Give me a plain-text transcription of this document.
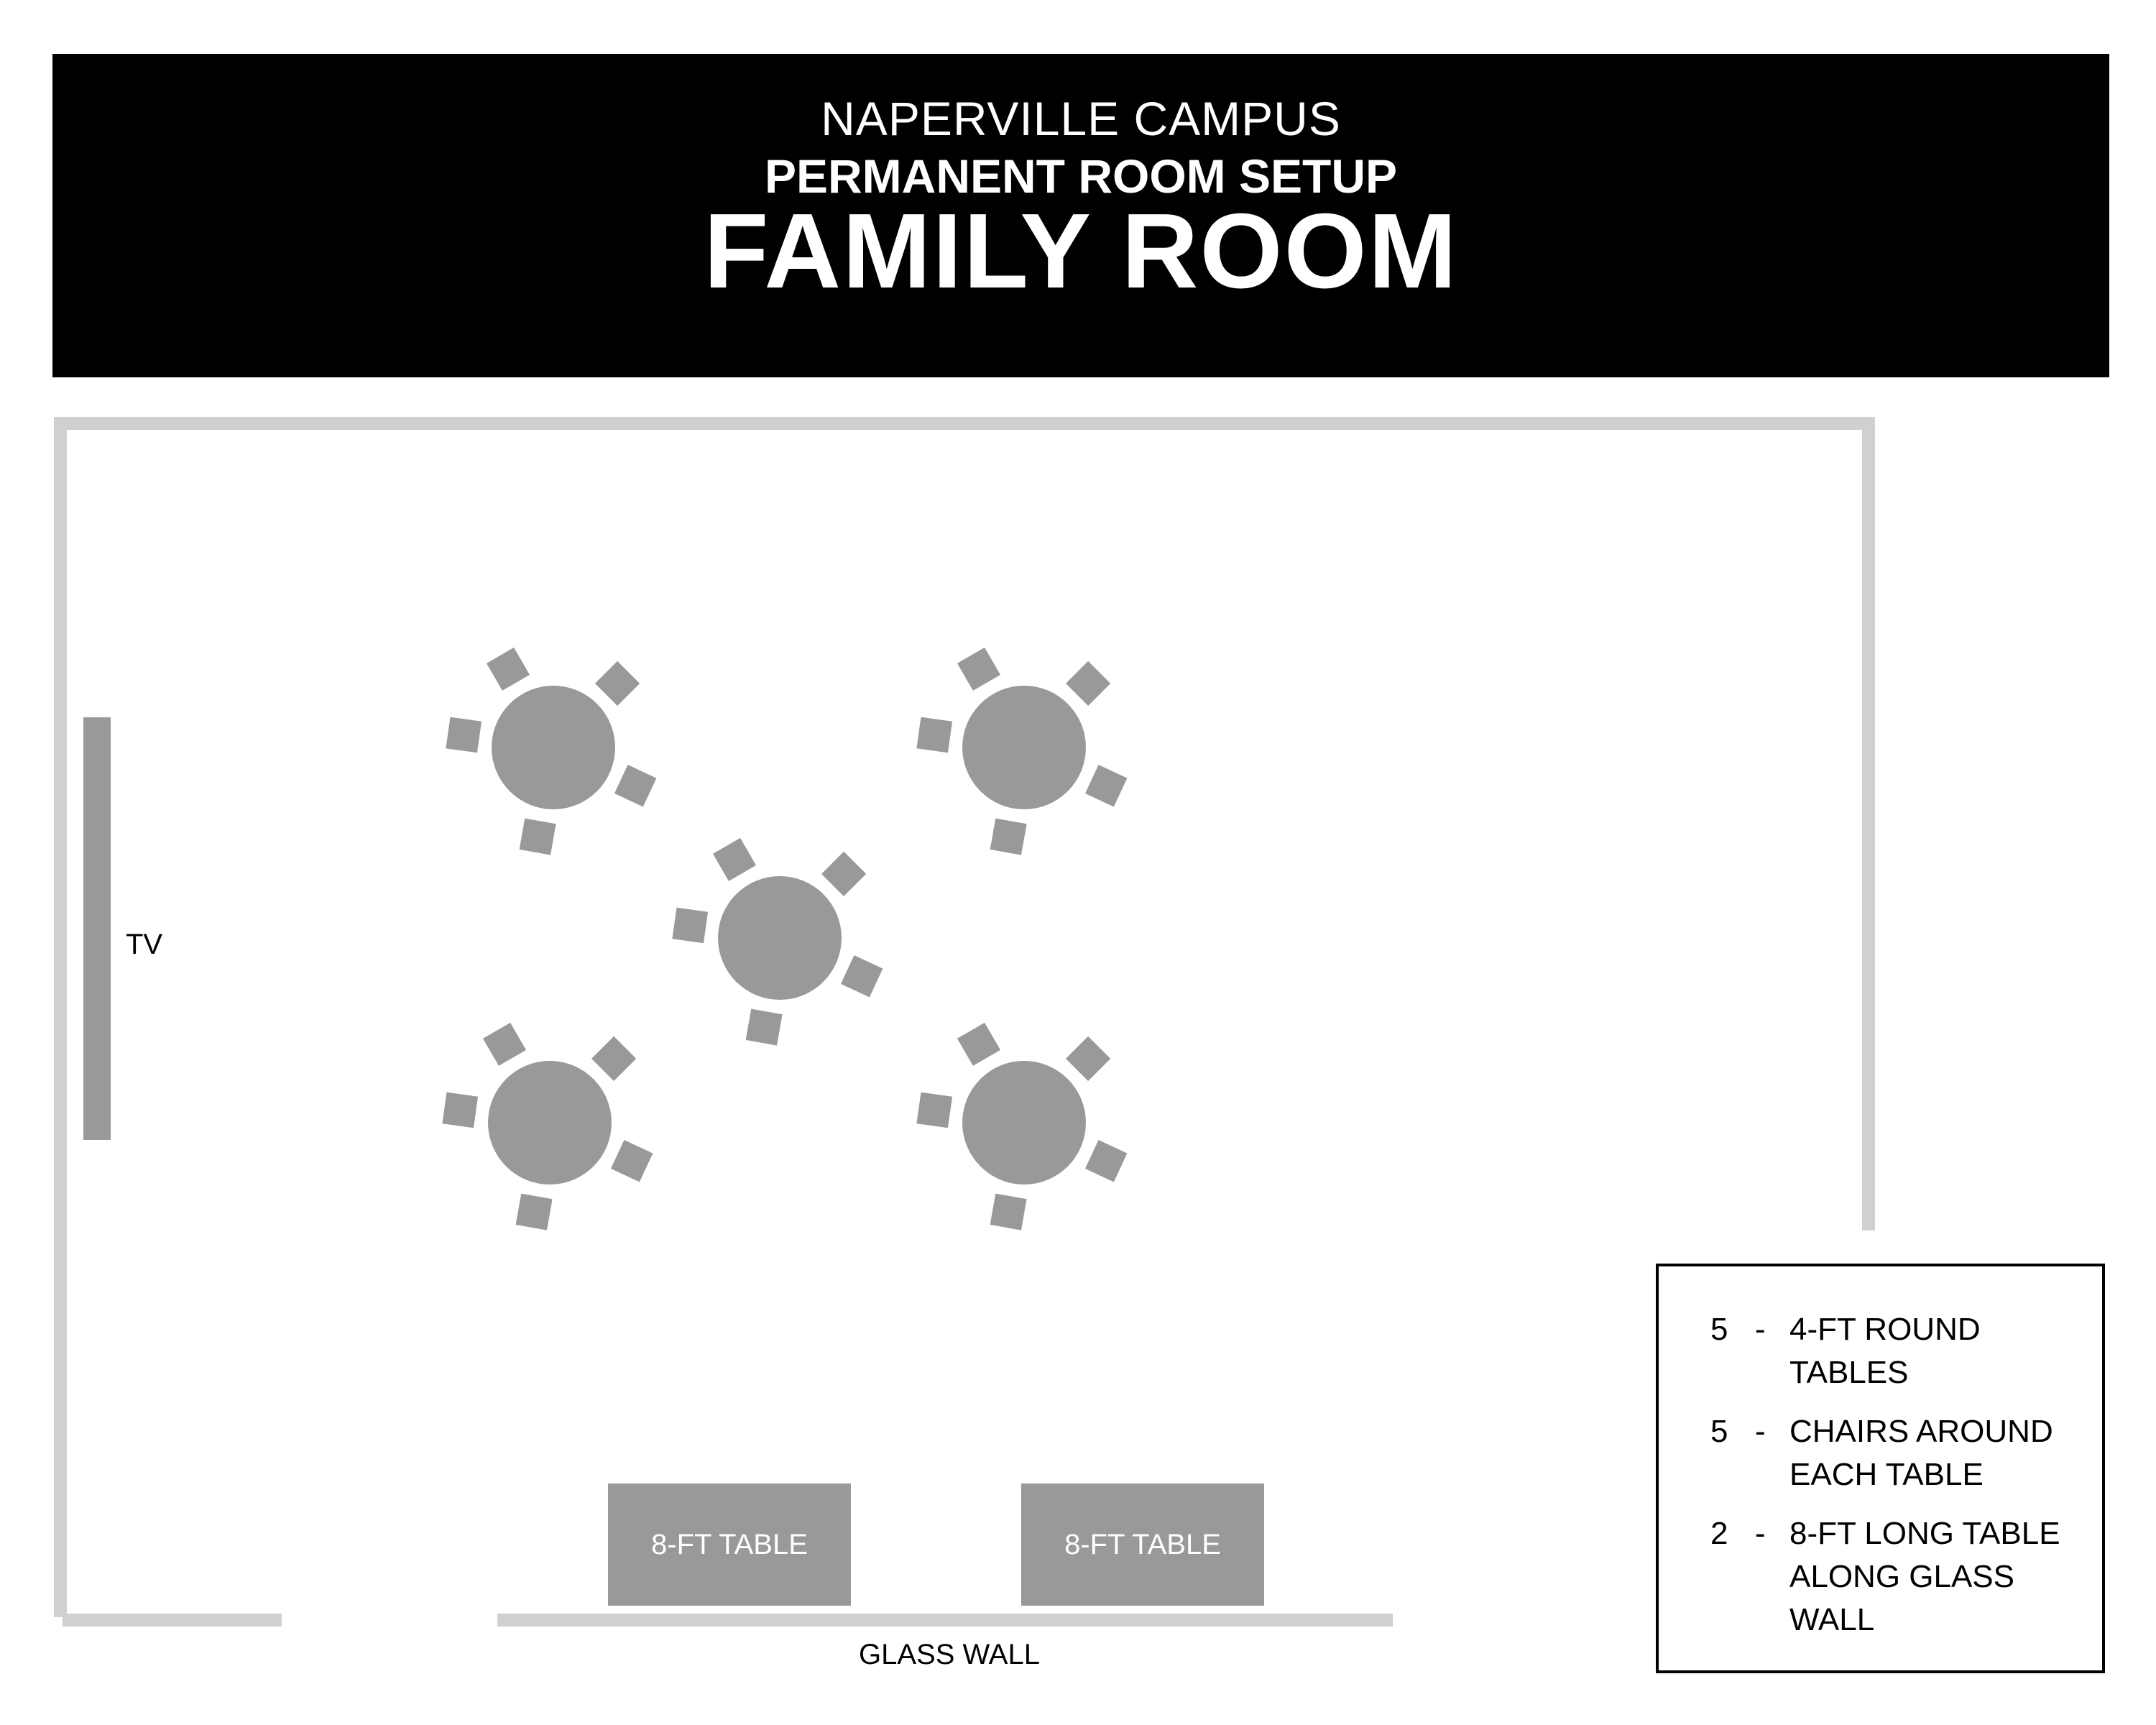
NAPERVILLE CAMPUS
PERMANENT ROOM SETUP
FAMILY ROOM
TV
8-FT TABLE	8-FT TABLE
GLASS WALL
5 - 4-FT ROUND
TABLES
5 - CHAIRS AROUND
EACH TABLE
2 - 8-FT LONG TABLE
ALONG GLASS
WALL
